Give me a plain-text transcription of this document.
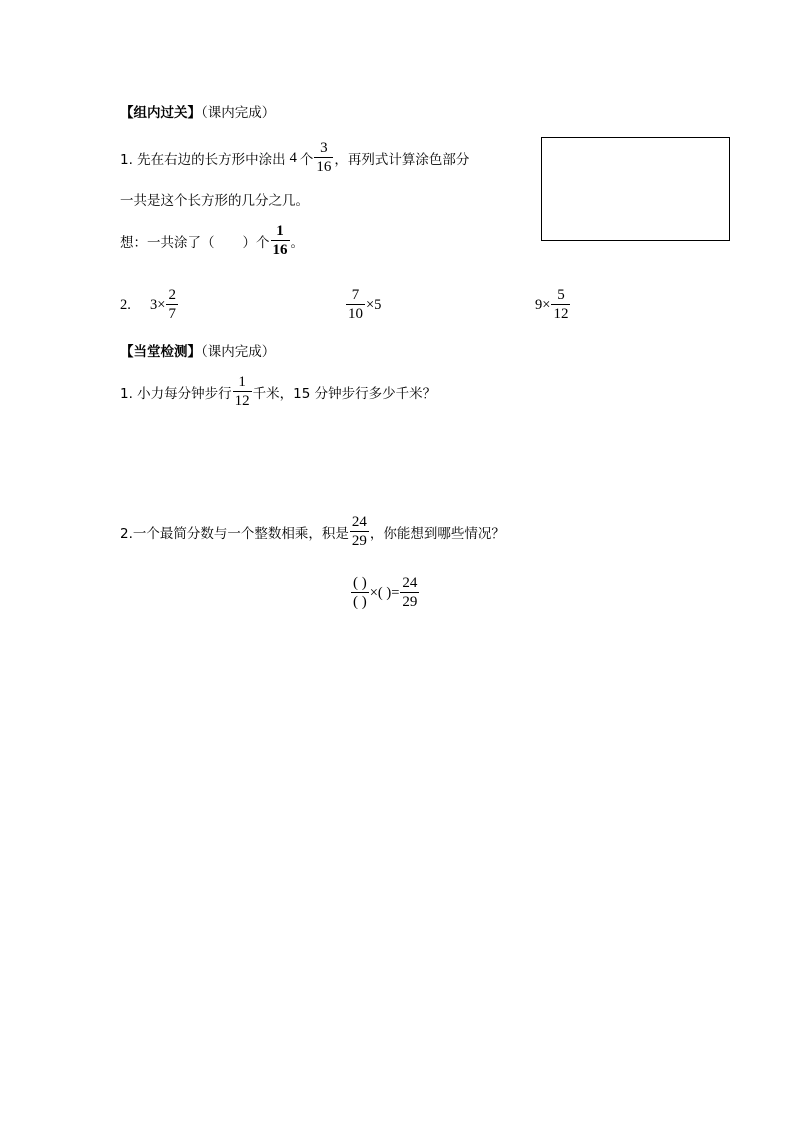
【组内过关】（课内完成）
1. 先在右边的长方形中涂出 4 个 $\frac{3}{16}$ ，再列式计算涂色部分
一共是这个长方形的几分之几。
想：一共涂了（ ）个 $\frac{1}{16}$ 。
2. $3\times \frac{2}{7}$	$\frac{7}{10} \times 5$	$9\times \frac{5}{12}$
【当堂检测】（课内完成）
1. 小力每分钟步行 $\frac{1}{12}$ 千米，15 分钟步行多少千米？
2.一个最简分数与一个整数相乘，积是 $\frac{24}{29}$ ，你能想到哪些情况？
$\frac{( )}{( )}$ ×( )= $\frac{24}{29}$
